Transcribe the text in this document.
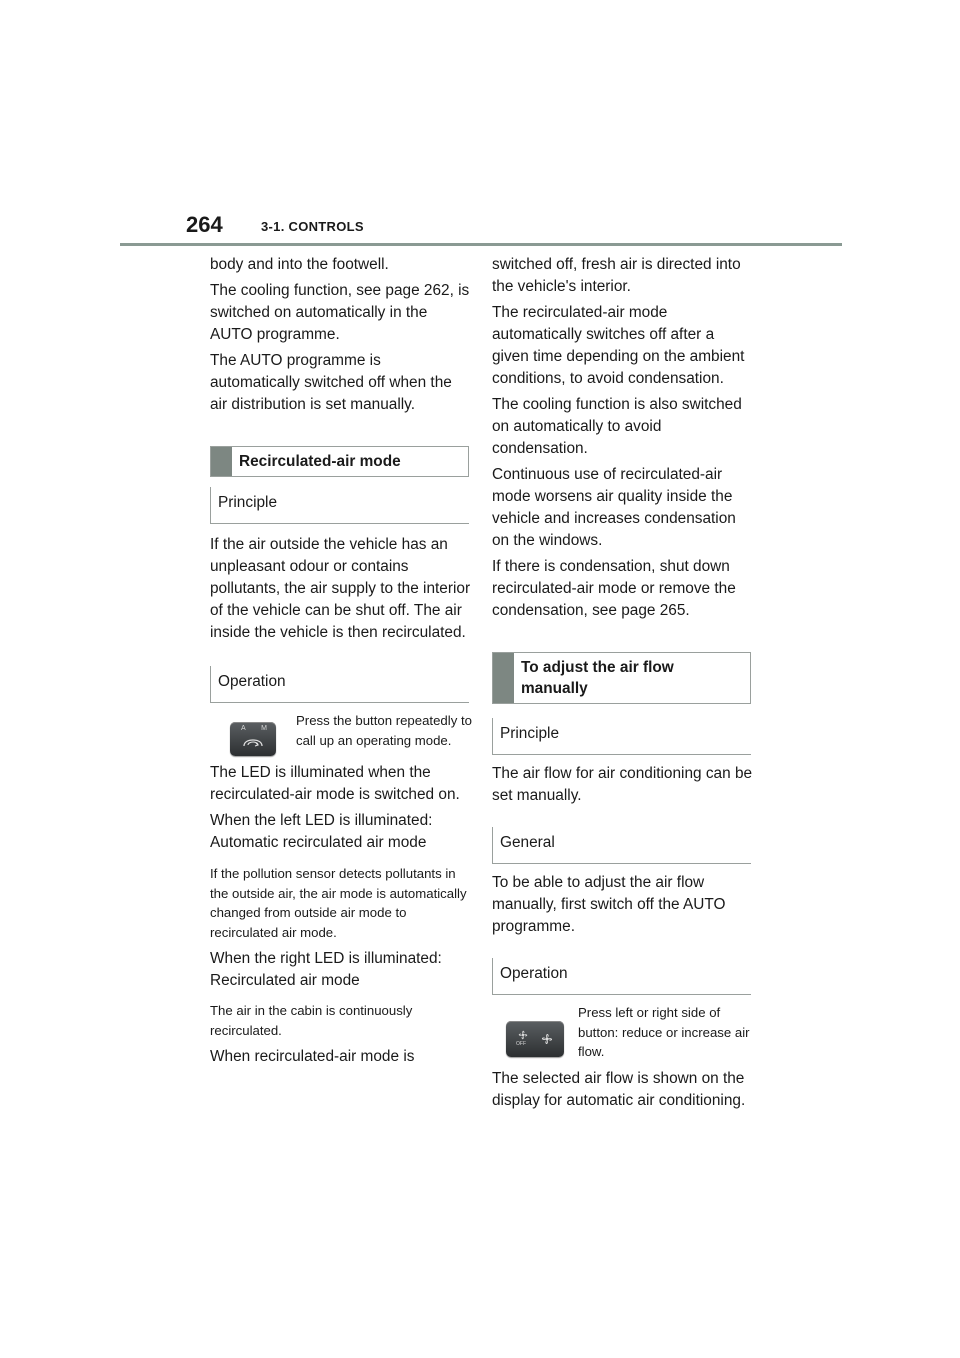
264	3-1. CONTROLS

body and into the footwell.

The cooling function, see page 262, is switched on automatically in the AUTO programme.

The AUTO programme is automatically switched off when the air distribution is set manually.

Recirculated-air mode
Principle

If the air outside the vehicle has an unpleasant odour or contains pollutants, the air supply to the interior of the vehicle can be shut off. The air inside the vehicle is then recirculated.

Operation
A M
Press the button repeatedly to call up an operating mode.

The LED is illuminated when the recirculated-air mode is switched on.

When the left LED is illuminated: Automatic recirculated air mode

If the pollution sensor detects pollutants in the outside air, the air mode is automatically changed from outside air mode to recirculated air mode.

When the right LED is illuminated: Recirculated air mode

The air in the cabin is continuously recirculated.

When recirculated-air mode is

switched off, fresh air is directed into the vehicle's interior.

The recirculated-air mode automatically switches off after a given time depending on the ambient conditions, to avoid condensation.

The cooling function is also switched on automatically to avoid condensation.

Continuous use of recirculated-air mode worsens air quality inside the vehicle and increases condensation on the windows.

If there is condensation, shut down recirculated-air mode or remove the condensation, see page 265.

To adjust the air flow manually
Principle

The air flow for air conditioning can be set manually.

General

To be able to adjust the air flow manually, first switch off the AUTO programme.

Operation
OFF
Press left or right side of button: reduce or increase air flow.

The selected air flow is shown on the display for automatic air conditioning.
